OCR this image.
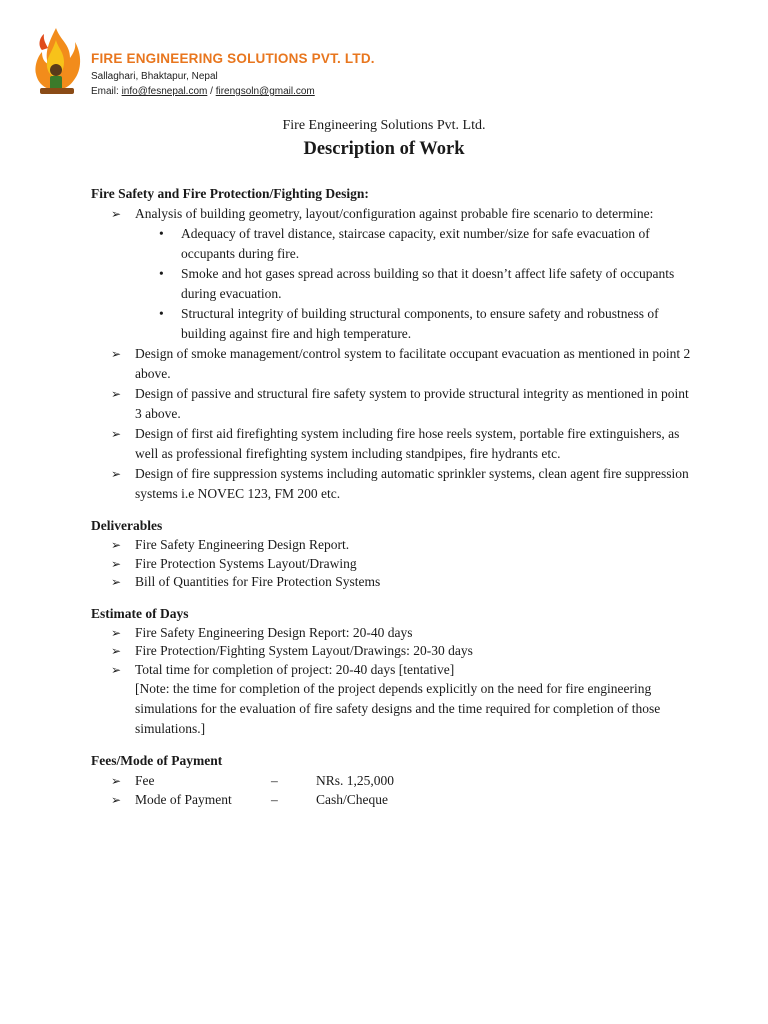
FIRE ENGINEERING SOLUTIONS PVT. LTD.
Sallaghari, Bhaktapur, Nepal
Email: info@fesnepal.com / firengsoln@gmail.com
Fire Engineering Solutions Pvt. Ltd.
Description of Work
Fire Safety and Fire Protection/Fighting Design:
➢ Analysis of building geometry, layout/configuration against probable fire scenario to determine:
• Adequacy of travel distance, staircase capacity, exit number/size for safe evacuation of occupants during fire.
• Smoke and hot gases spread across building so that it doesn’t affect life safety of occupants during evacuation.
• Structural integrity of building structural components, to ensure safety and robustness of building against fire and high temperature.
➢ Design of smoke management/control system to facilitate occupant evacuation as mentioned in point 2 above.
➢ Design of passive and structural fire safety system to provide structural integrity as mentioned in point 3 above.
➢ Design of first aid firefighting system including fire hose reels system, portable fire extinguishers, as well as professional firefighting system including standpipes, fire hydrants etc.
➢ Design of fire suppression systems including automatic sprinkler systems, clean agent fire suppression systems i.e NOVEC 123, FM 200 etc.
Deliverables
➢ Fire Safety Engineering Design Report.
➢ Fire Protection Systems Layout/Drawing
➢ Bill of Quantities for Fire Protection Systems
Estimate of Days
➢ Fire Safety Engineering Design Report: 20-40 days
➢ Fire Protection/Fighting System Layout/Drawings: 20-30 days
➢ Total time for completion of project: 20-40 days [tentative]
[Note: the time for completion of the project depends explicitly on the need for fire engineering simulations for the evaluation of fire safety designs and the time required for completion of those simulations.]
Fees/Mode of Payment
➢ Fee	–	NRs. 1,25,000
➢ Mode of Payment	–	Cash/Cheque
